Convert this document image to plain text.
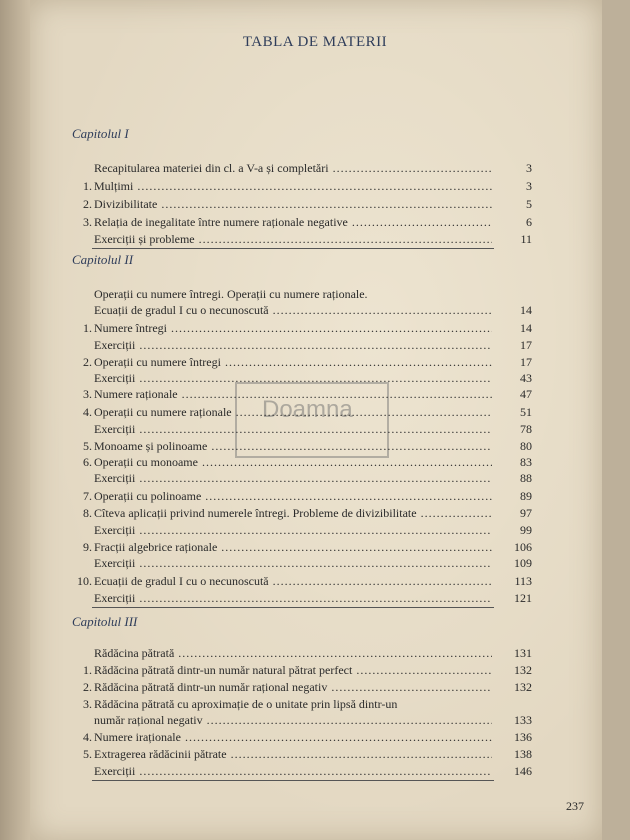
TABLA DE MATERII
Doamna
Capitolul I
Recapitularea materiei din cl. a V-a și completări .....	3
1. Mulțimi .....	3
2. Divizibilitate .....	5
3. Relația de inegalitate între numere raționale negative .....	6
Exerciții și probleme .....	11
Capitolul II
Operații cu numere întregi. Operații cu numere raționale.
Ecuații de gradul I cu o necunoscută .....	14
1. Numere întregi .....	14
Exerciții .....	17
2. Operații cu numere întregi .....	17
Exerciții .....	43
3. Numere raționale .....	47
4. Operații cu numere raționale .....	51
Exerciții .....	78
5. Monoame și polinoame .....	80
6. Operații cu monoame .....	83
Exerciții .....	88
7. Operații cu polinoame .....	89
8. Cîteva aplicații privind numerele întregi. Probleme de divizibilitate .....	97
Exerciții .....	99
9. Fracții algebrice raționale .....	106
Exerciții .....	109
10. Ecuații de gradul I cu o necunoscută .....	113
Exerciții .....	121
Capitolul III
Rădăcina pătrată .....	131
1. Rădăcina pătrată dintr-un număr natural pătrat perfect .....	132
2. Rădăcina pătrată dintr-un număr rațional negativ .....	132
3. Rădăcina pătrată cu aproximație de o unitate prin lipsă dintr-un
număr rațional negativ .....	133
4. Numere iraționale .....	136
5. Extragerea rădăcinii pătrate .....	138
Exerciții .....	146
237
